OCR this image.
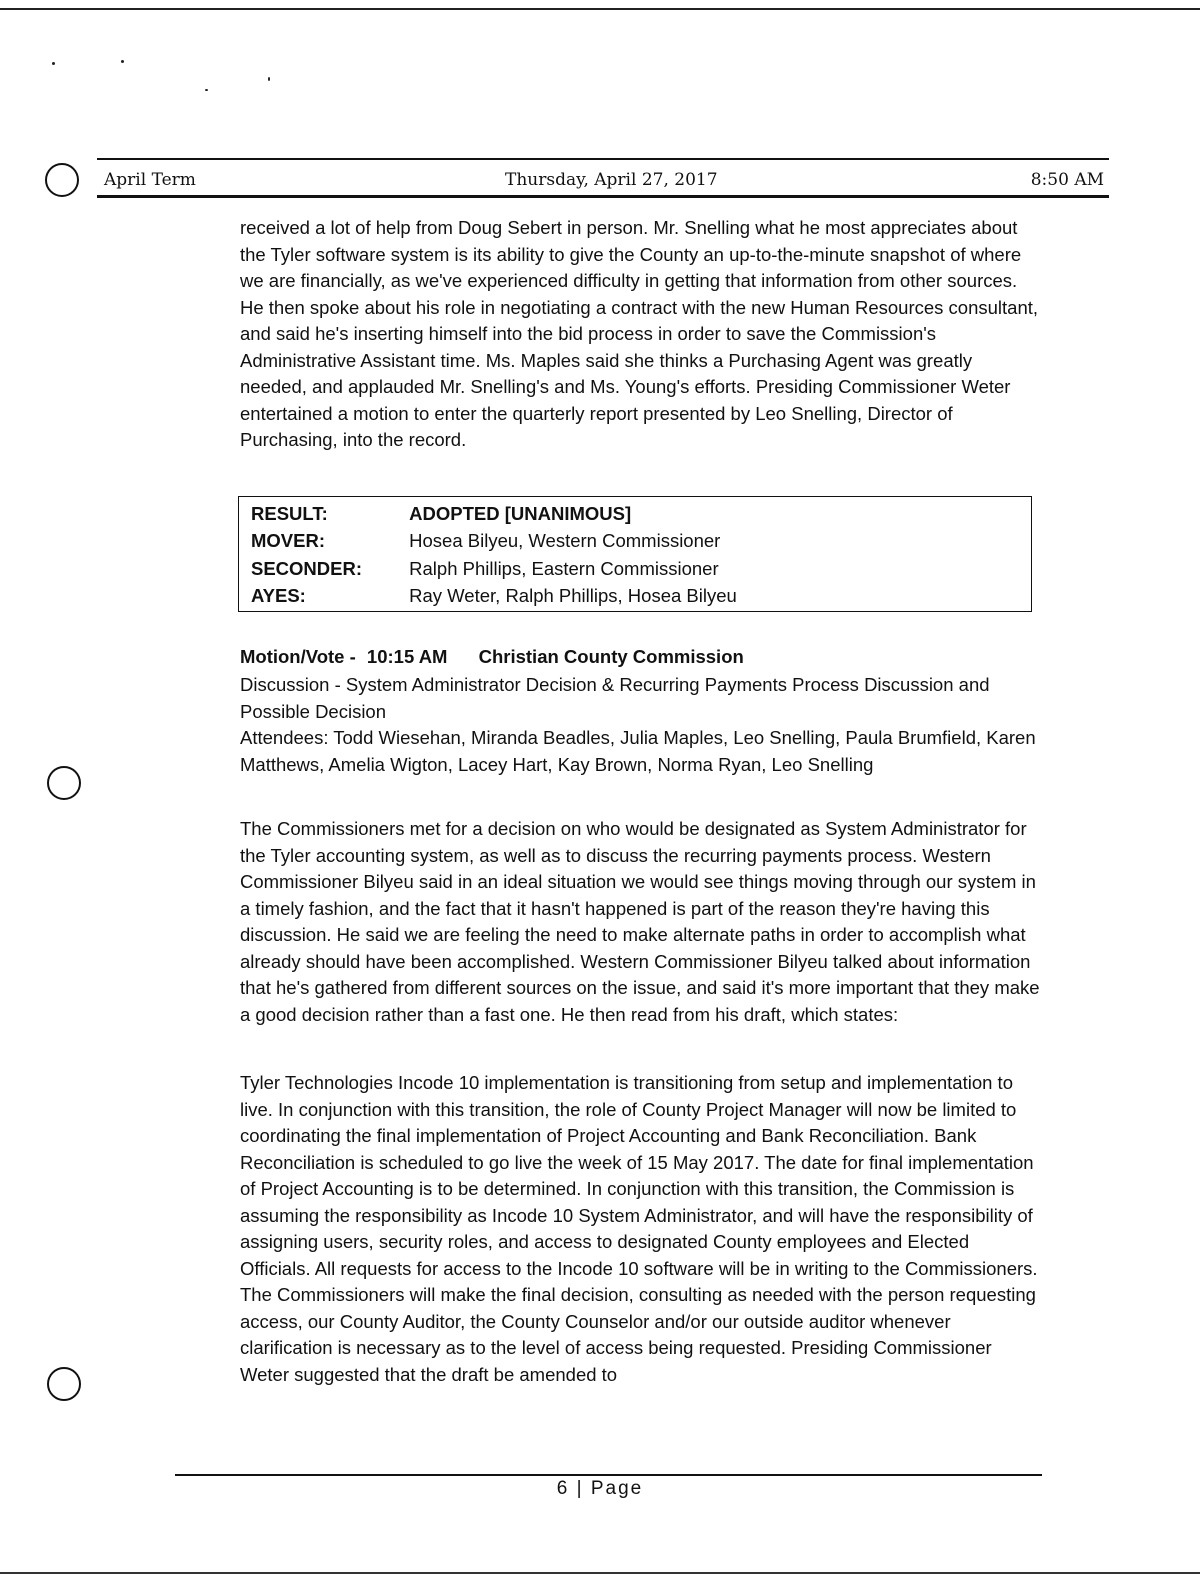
April Term	Thursday, April 27, 2017	8:50 AM

received a lot of help from Doug Sebert in person. Mr. Snelling what he most appreciates about the Tyler software system is its ability to give the County an up-to-the-minute snapshot of where we are financially, as we've experienced difficulty in getting that information from other sources. He then spoke about his role in negotiating a contract with the new Human Resources consultant, and said he's inserting himself into the bid process in order to save the Commission's Administrative Assistant time. Ms. Maples said she thinks a Purchasing Agent was greatly needed, and applauded Mr. Snelling's and Ms. Young's efforts. Presiding Commissioner Weter entertained a motion to enter the quarterly report presented by Leo Snelling, Director of Purchasing, into the record.

RESULT:	ADOPTED [UNANIMOUS]
MOVER:	Hosea Bilyeu, Western Commissioner
SECONDER:	Ralph Phillips, Eastern Commissioner
AYES:	Ray Weter, Ralph Phillips, Hosea Bilyeu
Motion/Vote - 10:15 AM Christian County Commission

Discussion - System Administrator Decision & Recurring Payments Process Discussion and Possible Decision

Attendees: Todd Wiesehan, Miranda Beadles, Julia Maples, Leo Snelling, Paula Brumfield, Karen Matthews, Amelia Wigton, Lacey Hart, Kay Brown, Norma Ryan, Leo Snelling

The Commissioners met for a decision on who would be designated as System Administrator for the Tyler accounting system, as well as to discuss the recurring payments process. Western Commissioner Bilyeu said in an ideal situation we would see things moving through our system in a timely fashion, and the fact that it hasn't happened is part of the reason they're having this discussion. He said we are feeling the need to make alternate paths in order to accomplish what already should have been accomplished. Western Commissioner Bilyeu talked about information that he's gathered from different sources on the issue, and said it's more important that they make a good decision rather than a fast one. He then read from his draft, which states:

Tyler Technologies Incode 10 implementation is transitioning from setup and implementation to live. In conjunction with this transition, the role of County Project Manager will now be limited to coordinating the final implementation of Project Accounting and Bank Reconciliation. Bank Reconciliation is scheduled to go live the week of 15 May 2017. The date for final implementation of Project Accounting is to be determined. In conjunction with this transition, the Commission is assuming the responsibility as Incode 10 System Administrator, and will have the responsibility of assigning users, security roles, and access to designated County employees and Elected Officials. All requests for access to the Incode 10 software will be in writing to the Commissioners. The Commissioners will make the final decision, consulting as needed with the person requesting access, our County Auditor, the County Counselor and/or our outside auditor whenever clarification is necessary as to the level of access being requested. Presiding Commissioner Weter suggested that the draft be amended to

6 | Page
